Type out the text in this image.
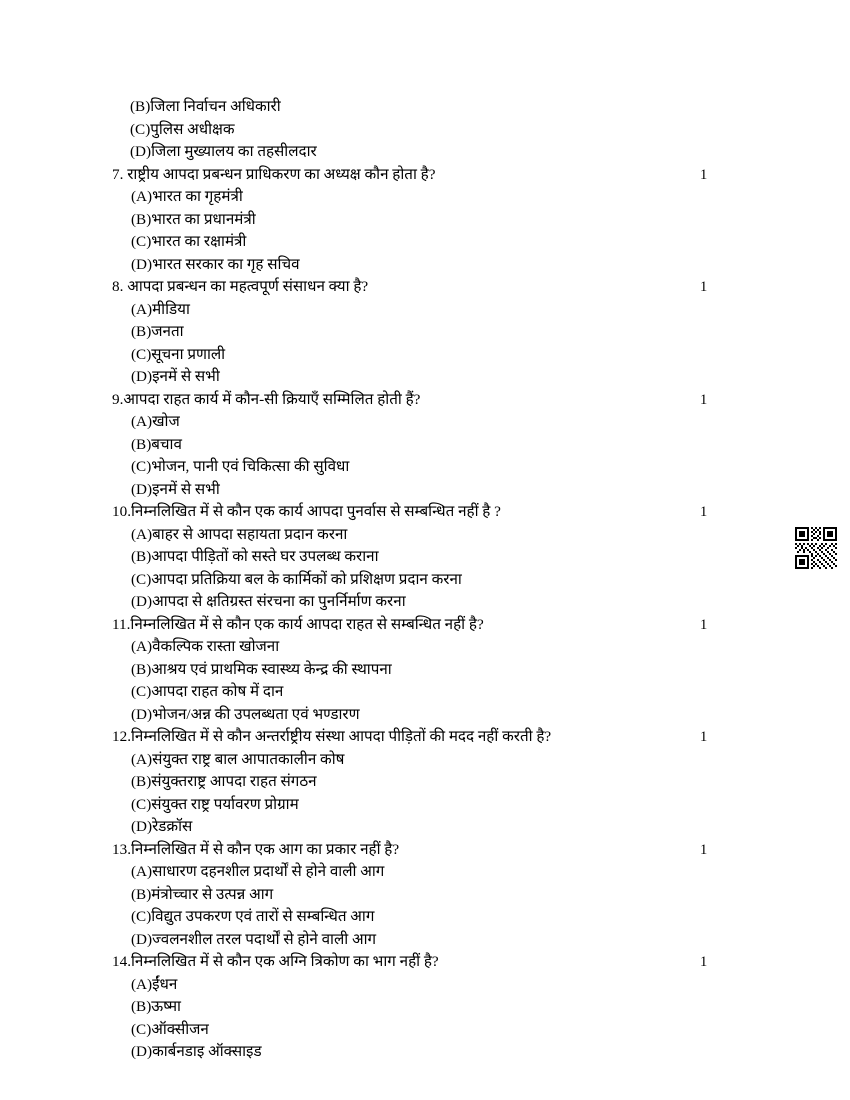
(B)जिला निर्वाचन अधिकारी
(C)पुलिस अधीक्षक
(D)जिला मुख्यालय का तहसीलदार
7. राष्ट्रीय आपदा प्रबन्धन प्राधिकरण का अध्यक्ष कौन होता है?	1
(A)भारत का गृहमंत्री
(B)भारत का प्रधानमंत्री
(C)भारत का रक्षामंत्री
(D)भारत सरकार का गृह सचिव
8. आपदा प्रबन्धन का महत्वपूर्ण संसाधन क्या है?	1
(A)मीडिया
(B)जनता
(C)सूचना प्रणाली
(D)इनमें से सभी
9.आपदा राहत कार्य में कौन-सी क्रियाएँ सम्मिलित होती हैं?	1
(A)खोज
(B)बचाव
(C)भोजन, पानी एवं चिकित्सा की सुविधा
(D)इनमें से सभी
10.निम्नलिखित में से कौन एक कार्य आपदा पुनर्वास से सम्बन्धित नहीं है ?	1
(A)बाहर से आपदा सहायता प्रदान करना
(B)आपदा पीड़ितों को सस्ते घर उपलब्ध कराना
(C)आपदा प्रतिक्रिया बल के कार्मिकों को प्रशिक्षण प्रदान करना
(D)आपदा से क्षतिग्रस्त संरचना का पुनर्निर्माण करना
11.निम्नलिखित में से कौन एक कार्य आपदा राहत से सम्बन्धित नहीं है?	1
(A)वैकल्पिक रास्ता खोजना
(B)आश्रय एवं प्राथमिक स्वास्थ्य केन्द्र की स्थापना
(C)आपदा राहत कोष में दान
(D)भोजन/अन्न की उपलब्धता एवं भण्डारण
12.निम्नलिखित में से कौन अन्तर्राष्ट्रीय संस्था आपदा पीड़ितों की मदद नहीं करती है?	1
(A)संयुक्त राष्ट्र बाल आपातकालीन कोष
(B)संयुक्तराष्ट्र आपदा राहत संगठन
(C)संयुक्त राष्ट्र पर्यावरण प्रोग्राम
(D)रेडक्रॉस
13.निम्नलिखित में से कौन एक आग का प्रकार नहीं है?	1
(A)साधारण दहनशील प्रदार्थों से होने वाली आग
(B)मंत्रोच्चार से उत्पन्न आग
(C)विद्युत उपकरण एवं तारों से सम्बन्धित आग
(D)ज्वलनशील तरल पदार्थों से होने वाली आग
14.निम्नलिखित में से कौन एक अग्नि त्रिकोण का भाग नहीं है?	1
(A)ईंधन
(B)ऊष्मा
(C)ऑक्सीजन
(D)कार्बनडाइ ऑक्साइड
